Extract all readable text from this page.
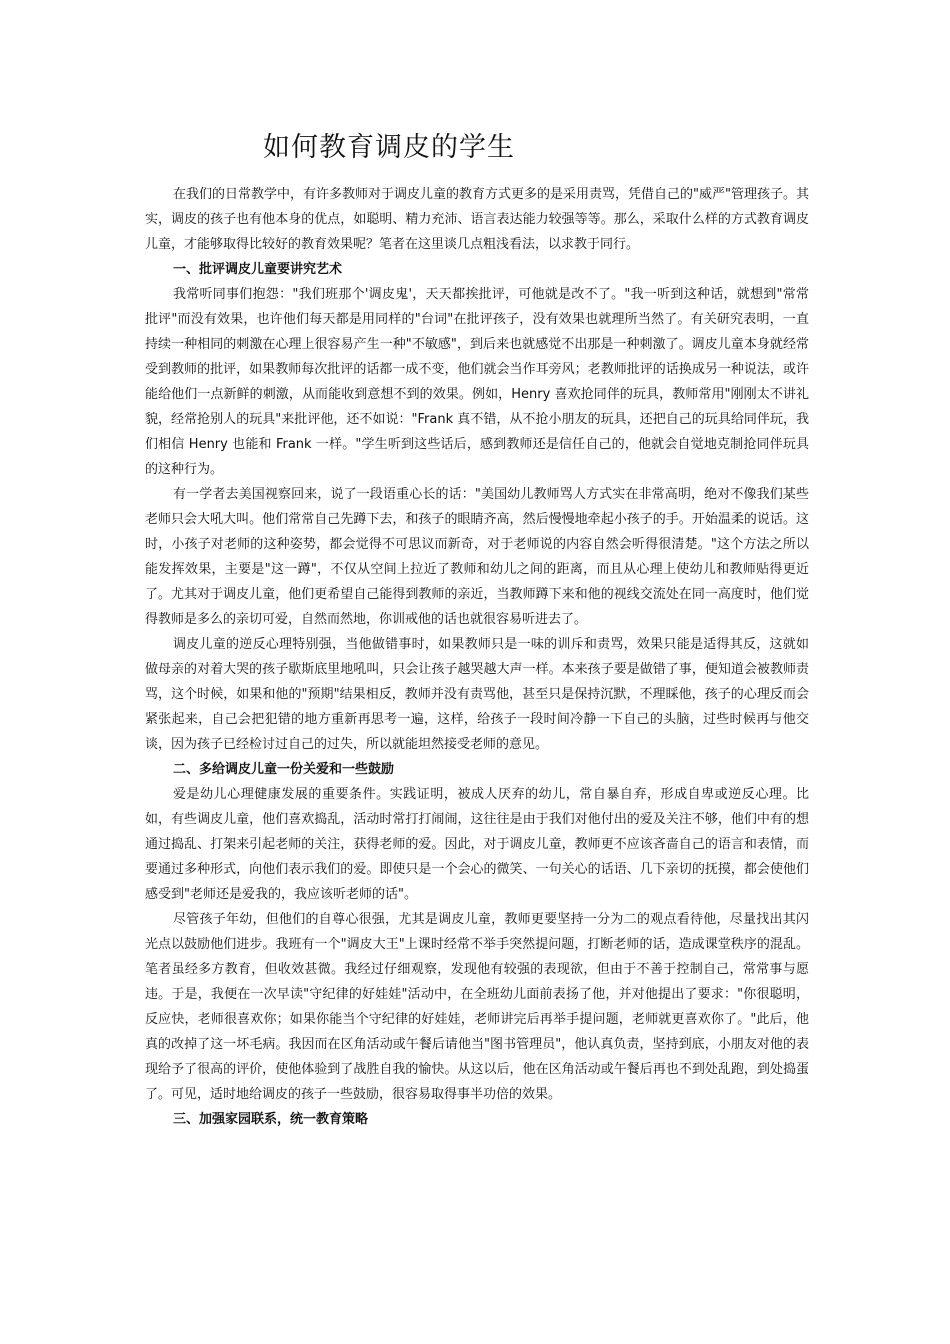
如何教育调皮的学生

在我们的日常教学中，有许多教师对于调皮儿童的教育方式更多的是采用责骂，凭借自己的"威严"管理孩子。其实，调皮的孩子也有他本身的优点，如聪明、精力充沛、语言表达能力较强等等。那么，采取什么样的方式教育调皮儿童，才能够取得比较好的教育效果呢？笔者在这里谈几点粗浅看法，以求教于同行。

一、批评调皮儿童要讲究艺术

我常听同事们抱怨："我们班那个'调皮鬼'，天天都挨批评，可他就是改不了。"我一听到这种话，就想到"常常批评"而没有效果，也许他们每天都是用同样的"台词"在批评孩子，没有效果也就理所当然了。有关研究表明，一直持续一种相同的刺激在心理上很容易产生一种"不敏感"，到后来也就感觉不出那是一种刺激了。调皮儿童本身就经常受到教师的批评，如果教师每次批评的话都一成不变，他们就会当作耳旁风；老教师批评的话换成另一种说法，或许能给他们一点新鲜的刺激，从而能收到意想不到的效果。例如，Henry 喜欢抢同伴的玩具，教师常用"刚刚太不讲礼貌，经常抢别人的玩具"来批评他，还不如说："Frank 真不错，从不抢小朋友的玩具，还把自己的玩具给同伴玩，我们相信 Henry 也能和 Frank 一样。"学生听到这些话后，感到教师还是信任自己的，他就会自觉地克制抢同伴玩具的这种行为。

有一学者去美国视察回来，说了一段语重心长的话："美国幼儿教师骂人方式实在非常高明，绝对不像我们某些老师只会大吼大叫。他们常常自己先蹲下去，和孩子的眼睛齐高，然后慢慢地牵起小孩子的手。开始温柔的说话。这时，小孩子对老师的这种姿势，都会觉得不可思议而新奇，对于老师说的内容自然会听得很清楚。"这个方法之所以能发挥效果，主要是"这一蹲"，不仅从空间上拉近了教师和幼儿之间的距离，而且从心理上使幼儿和教师贴得更近了。尤其对于调皮儿童，他们更希望自己能得到教师的亲近，当教师蹲下来和他的视线交流处在同一高度时，他们觉得教师是多么的亲切可爱，自然而然地，你训戒他的话也就很容易听进去了。

调皮儿童的逆反心理特别强，当他做错事时，如果教师只是一味的训斥和责骂，效果只能是适得其反，这就如做母亲的对着大哭的孩子歇斯底里地吼叫，只会让孩子越哭越大声一样。本来孩子要是做错了事，便知道会被教师责骂，这个时候，如果和他的"预期"结果相反，教师并没有责骂他，甚至只是保持沉默，不理睬他，孩子的心理反而会紧张起来，自己会把犯错的地方重新再思考一遍，这样，给孩子一段时间冷静一下自己的头脑，过些时候再与他交谈，因为孩子已经检讨过自己的过失，所以就能坦然接受老师的意见。

二、多给调皮儿童一份关爱和一些鼓励

爱是幼儿心理健康发展的重要条件。实践证明，被成人厌弃的幼儿，常自暴自弃，形成自卑或逆反心理。比如，有些调皮儿童，他们喜欢捣乱，活动时常打打闹闹，这往往是由于我们对他付出的爱及关注不够，他们中有的想通过捣乱、打架来引起老师的关注，获得老师的爱。因此，对于调皮儿童，教师更不应该吝啬自己的语言和表情，而要通过多种形式，向他们表示我们的爱。即使只是一个会心的微笑、一句关心的话语、几下亲切的抚摸，都会使他们感受到"老师还是爱我的，我应该听老师的话"。

尽管孩子年幼，但他们的自尊心很强，尤其是调皮儿童，教师更要坚持一分为二的观点看待他，尽量找出其闪光点以鼓励他们进步。我班有一个"调皮大王"上课时经常不举手突然提问题，打断老师的话，造成课堂秩序的混乱。笔者虽经多方教育，但收效甚微。我经过仔细观察，发现他有较强的表现欲，但由于不善于控制自己，常常事与愿违。于是，我便在一次早读"守纪律的好娃娃"活动中，在全班幼儿面前表扬了他，并对他提出了要求："你很聪明，反应快，老师很喜欢你；如果你能当个守纪律的好娃娃，老师讲完后再举手提问题，老师就更喜欢你了。"此后，他真的改掉了这一坏毛病。我因而在区角活动或午餐后请他当"图书管理员"，他认真负责，坚持到底，小朋友对他的表现给予了很高的评价，使他体验到了战胜自我的愉快。从这以后，他在区角活动或午餐后再也不到处乱跑，到处捣蛋了。可见，适时地给调皮的孩子一些鼓励，很容易取得事半功倍的效果。

三、加强家园联系，统一教育策略
